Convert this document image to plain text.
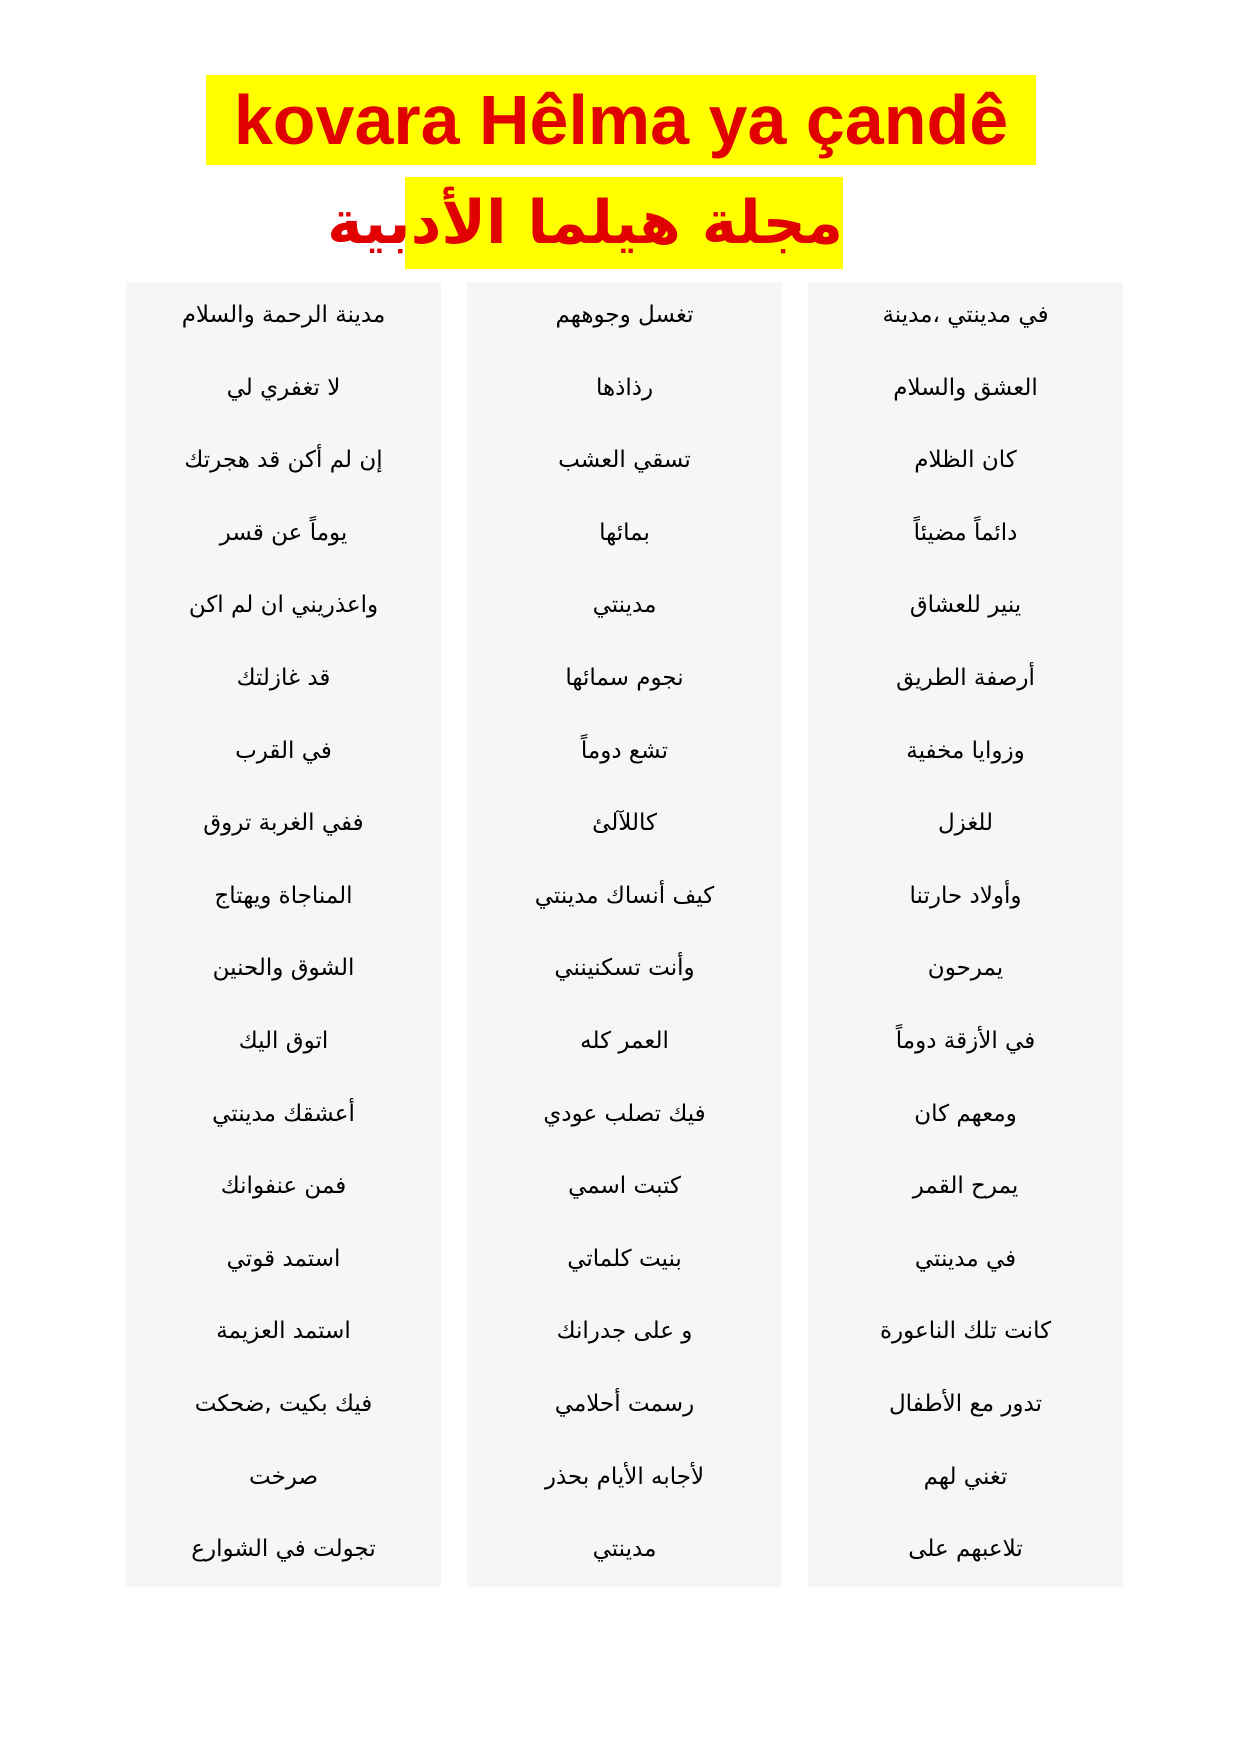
kovara Hêlma ya çandê
مجلة هيلما الأدبية
في مدينتي ،مدينة
العشق والسلام
كان الظلام
دائماً مضيئاً
ينير للعشاق
أرصفة الطريق
وزوايا مخفية
للغزل
وأولاد حارتنا
يمرحون
في الأزقة دوماً
ومعهم كان
يمرح القمر
في مدينتي
كانت تلك الناعورة
تدور مع الأطفال
تغني لهم
تلاعبهم على
تغسل وجوههم
رذاذها
تسقي العشب
بمائها
مدينتي
نجوم سمائها
تشع دوماً
كاللآلئ
كيف أنساك مدينتي
وأنت تسكنينني
العمر كله
فيك تصلب عودي
كتبت اسمي
بنيت كلماتي
و على جدرانك
رسمت أحلامي
لأجابه الأيام بحذر
مدينتي
مدينة الرحمة والسلام
لا تغفري لي
إن لم أكن قد هجرتك
يوماً عن قسر
واعذريني ان لم اكن
قد غازلتك
في القرب
ففي الغربة تروق
المناجاة ويهتاج
الشوق والحنين
اتوق اليك
أعشقك مدينتي
فمن عنفوانك
استمد قوتي
استمد العزيمة
فيك بكيت ,ضحكت
صرخت
تجولت في الشوارع
